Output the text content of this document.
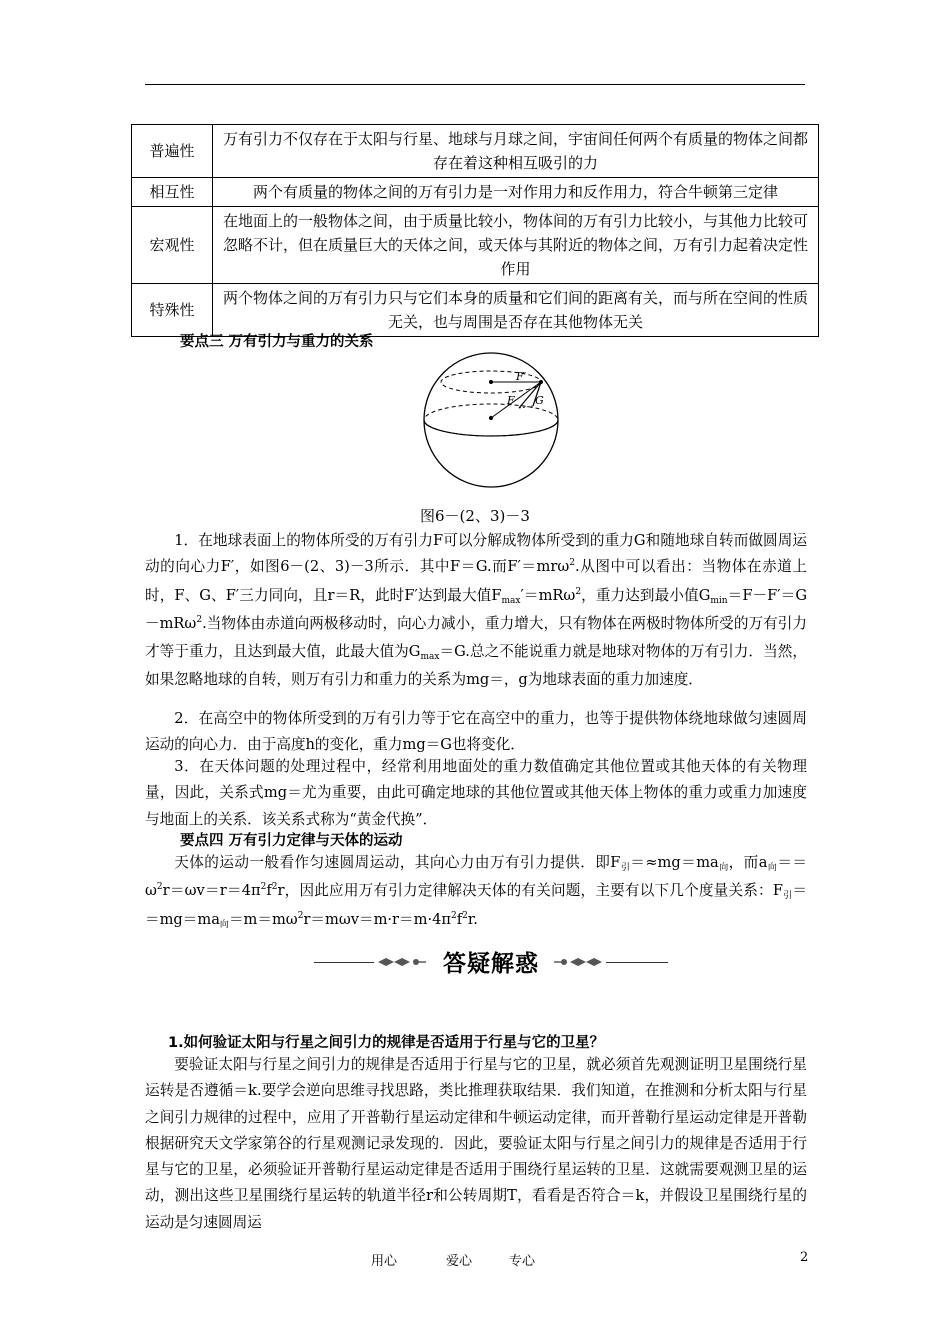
普遍性	万有引力不仅存在于太阳与行星、地球与月球之间，宇宙间任何两个有质量的物体之间都存在着这种相互吸引的力
相互性	两个有质量的物体之间的万有引力是一对作用力和反作用力，符合牛顿第三定律
宏观性	在地面上的一般物体之间，由于质量比较小，物体间的万有引力比较小，与其他力比较可忽略不计，但在质量巨大的天体之间，或天体与其附近的物体之间，万有引力起着决定性作用
特殊性	两个物体之间的万有引力只与它们本身的质量和它们间的距离有关，而与所在空间的性质无关，也与周围是否存在其他物体无关
要点三 万有引力与重力的关系
F′
F G
图6－(2、3)－3
1．在地球表面上的物体所受的万有引力F可以分解成物体所受到的重力G和随地球自转而做圆周运动的向心力F′，如图6－(2、3)－3所示．其中F＝G.而F′＝mrω$^2$.从图中可以看出：当物体在赤道上时，F、G、F′三力同向，且r＝R，此时F′达到最大值$F_{max}'=mR\omega^2$，重力达到最小值$G_{min}=F-F'=G-mR\omega^2$.当物体由赤道向两极移动时，向心力减小，重力增大，只有物体在两极时物体所受的万有引力才等于重力，且达到最大值，此最大值为$G_{max}=G$.总之不能说重力就是地球对物体的万有引力．当然，如果忽略地球的自转，则万有引力和重力的关系为mg＝，g为地球表面的重力加速度．
2．在高空中的物体所受到的万有引力等于它在高空中的重力，也等于提供物体绕地球做匀速圆周运动的向心力．由于高度h的变化，重力mg＝G也将变化．
3．在天体问题的处理过程中，经常利用地面处的重力数值确定其他位置或其他天体的有关物理量，因此，关系式mg＝尤为重要，由此可确定地球的其他位置或其他天体上物体的重力或重力加速度与地面上的关系．该关系式称为“黄金代换”．
要点四 万有引力定律与天体的运动
天体的运动一般看作匀速圆周运动，其向心力由万有引力提供．即$F_引=\approx mg=ma_向$，而$a_向==\omega^2r=\omega v=r=4\pi^2f^2r$，因此应用万有引力定律解决天体的有关问题，主要有以下几个度量关系：$F_引==mg=ma_向=m=m\omega^2r=m\omega v=m\cdot r=m\cdot 4\pi^2f^2r$.
答疑解惑
1.如何验证太阳与行星之间引力的规律是否适用于行星与它的卫星？
要验证太阳与行星之间引力的规律是否适用于行星与它的卫星，就必须首先观测证明卫星围绕行星运转是否遵循＝k.要学会逆向思维寻找思路，类比推理获取结果．我们知道，在推测和分析太阳与行星之间引力规律的过程中，应用了开普勒行星运动定律和牛顿运动定律，而开普勒行星运动定律是开普勒根据研究天文学家第谷的行星观测记录发现的．因此，要验证太阳与行星之间引力的规律是否适用于行星与它的卫星，必须验证开普勒行星运动定律是否适用于围绕行星运转的卫星．这就需要观测卫星的运动，测出这些卫星围绕行星运转的轨道半径r和公转周期T，看看是否符合＝k，并假设卫星围绕行星的运动是匀速圆周运
用心	爱心	专心	2
